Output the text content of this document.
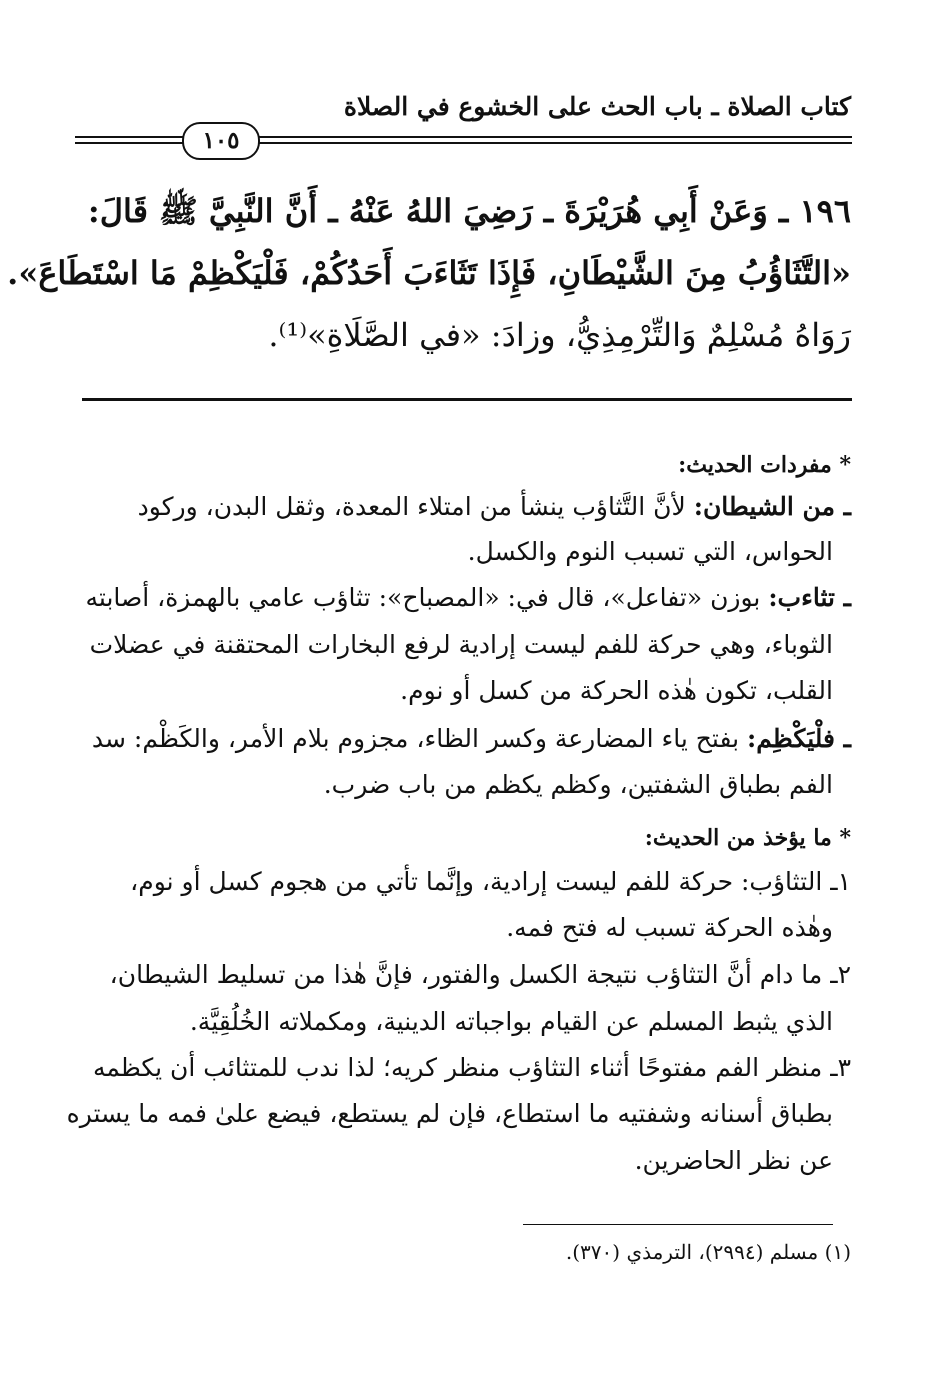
كتاب الصلاة ـ باب الحث على الخشوع في الصلاة
١٠٥
١٩٦ ـ وَعَنْ أَبِي هُرَيْرَةَ ـ رَضِيَ اللهُ عَنْهُ ـ أَنَّ النَّبِيَّ ﷺ قَالَ:
«التَّثَاؤُبُ مِنَ الشَّيْطَانِ، فَإِذَا تَثَاءَبَ أَحَدُكُمْ، فَلْيَكْظِمْ مَا اسْتَطَاعَ».
رَوَاهُ مُسْلِمٌ وَالتِّرْمِذِيُّ، وزادَ: «في الصَّلَاةِ»⁽¹⁾.
* مفردات الحديث:
ـ من الشيطان: لأنَّ التَّثاؤب ينشأ من امتلاء المعدة، وثقل البدن، وركود
الحواس، التي تسبب النوم والكسل.
ـ تثاءب: بوزن «تفاعل»، قال في: «المصباح»: تثاؤب عامي بالهمزة، أصابته
الثوباء، وهي حركة للفم ليست إرادية لرفع البخارات المحتقنة في عضلات
القلب، تكون هٰذه الحركة من كسل أو نوم.
ـ فلْيَكْظِم: بفتح ياء المضارعة وكسر الظاء، مجزوم بلام الأمر، والكَظْم: سد
الفم بطباق الشفتين، وكظم يكظم من باب ضرب.
* ما يؤخذ من الحديث:
١ـ التثاؤب: حركة للفم ليست إرادية، وإنَّما تأتي من هجوم كسل أو نوم،
وهٰذه الحركة تسبب له فتح فمه.
٢ـ ما دام أنَّ التثاؤب نتيجة الكسل والفتور، فإنَّ هٰذا من تسليط الشيطان،
الذي يثبط المسلم عن القيام بواجباته الدينية، ومكملاته الخُلُقِيَّة.
٣ـ منظر الفم مفتوحًا أثناء التثاؤب منظر كريه؛ لذا ندب للمتثائب أن يكظمه
بطباق أسنانه وشفتيه ما استطاع، فإن لم يستطع، فيضع علىٰ فمه ما يستره
عن نظر الحاضرين.
(١) مسلم (٢٩٩٤)، الترمذي (٣٧٠).
